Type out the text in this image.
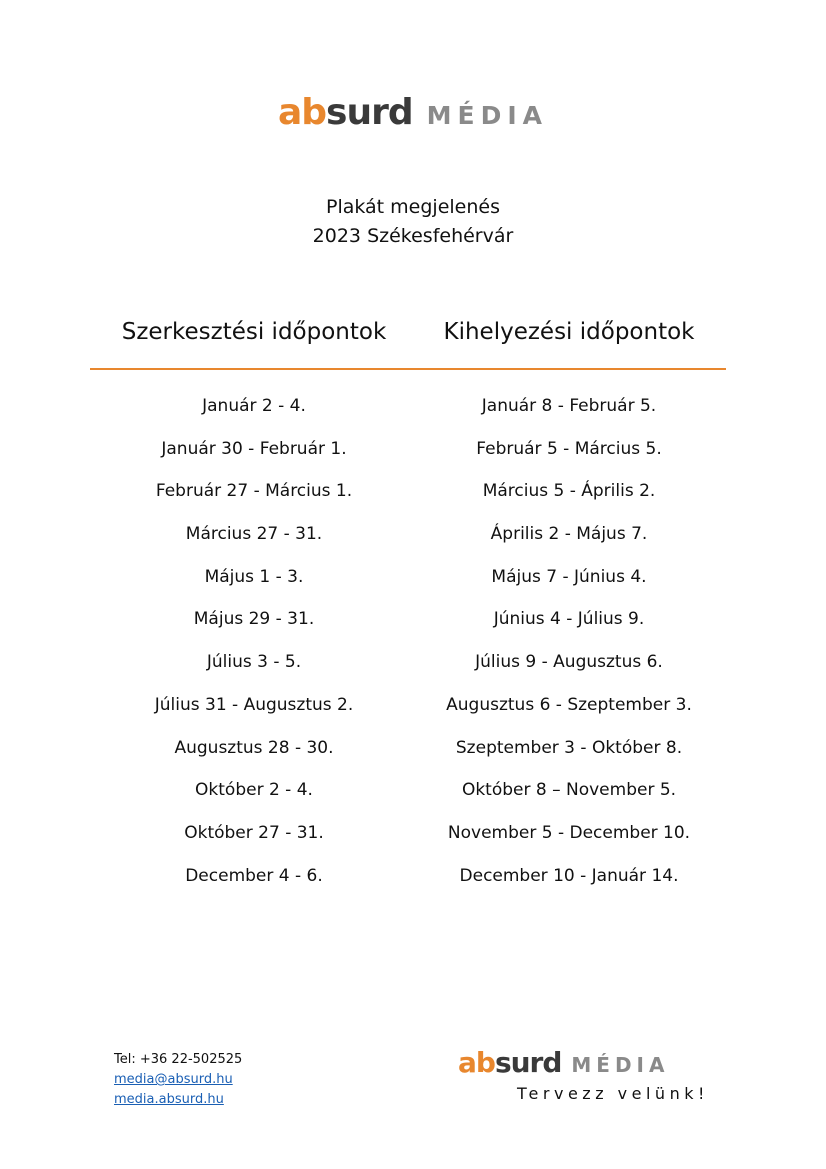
absurd MÉDIA
Plakát megjelenés
2023 Székesfehérvár
Szerkesztési időpontok	Kihelyezési időpontok
Január 2 - 4.
Január 30 - Február 1.
Február 27 - Március 1.
Március 27 - 31.
Május 1 - 3.
Május 29 - 31.
Július 3 - 5.
Július 31 - Augusztus 2.
Augusztus 28 - 30.
Október 2 - 4.
Október 27 - 31.
December 4 - 6.
Január 8 - Február 5.
Február 5 - Március 5.
Március 5 - Április 2.
Április 2 - Május 7.
Május 7 - Június 4.
Június 4 - Július 9.
Július 9 - Augusztus 6.
Augusztus 6 - Szeptember 3.
Szeptember 3 - Október 8.
Október 8 – November 5.
November 5 - December 10.
December 10 - Január 14.
Tel: +36 22-502525
media@absurd.hu
media.absurd.hu
absurd MÉDIA
Tervezz velünk!
